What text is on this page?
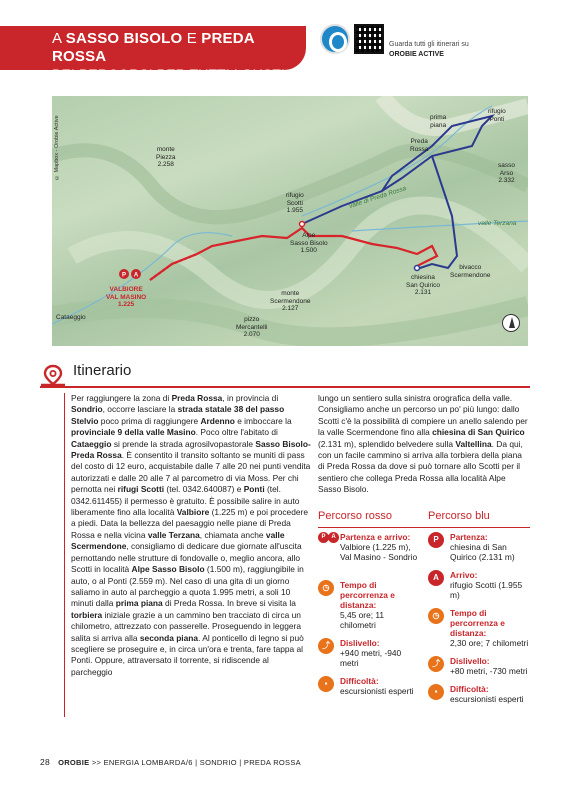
A SASSO BISOLO E PREDA ROSSA
BEI PERCORSI PER TUTTI I GUSTI
Guarda tutti gli itinerari su
OROBIE ACTIVE
P A
© Mapbox - Orobie Active	prima
piana
rifugio
Ponti
Preda
Rossa
monte
Piezza
2.258	sasso
Arso
2.332
rifugio
Scotti
1.955
valle di Preda Rossa
valle Terzana
Alpe
Sasso Bisolo
1.500
bivacco
Scermendone
chiesina
San Quirico
2.131
VALBIORE
VAL MASINO
1.225
monte
Scermendone
2.127
pizzo
Mercantelli
2.070
Cataeggio
Itinerario
Per raggiungere la zona di Preda Rossa, in provincia di Sondrio, occorre lasciare la strada statale 38 del passo Stelvio poco prima di raggiungere Ardenno e imboccare la provinciale 9 della valle Masino. Poco oltre l'abitato di Cataeggio si prende la strada agrosilvopastorale Sasso Bisolo-Preda Rossa. È consentito il transito soltanto se muniti di pass del costo di 12 euro, acquistabile dalle 7 alle 20 nei punti vendita autorizzati e dalle 20 alle 7 al parcometro di via Moss. Per chi pernotta nei rifugi Scotti (tel. 0342.640087) e Ponti (tel. 0342.611455) il permesso è gratuito. È possibile salire in auto liberamente fino alla località Valbiore (1.225 m) e poi procedere a piedi. Data la bellezza del paesaggio nelle piane di Preda Rossa e nella vicina valle Terzana, chiamata anche valle Scermendone, consigliamo di dedicare due giornate all'uscita pernottando nelle strutture di fondovalle o, meglio ancora, allo Scotti in località Alpe Sasso Bisolo (1.500 m), raggiungibile in auto, o al Ponti (2.559 m). Nel caso di una gita di un giorno saliamo in auto al parcheggio a quota 1.995 metri, a soli 10 minuti dalla prima piana di Preda Rossa. In breve si visita la torbiera iniziale grazie a un cammino ben tracciato di circa un chilometro, attrezzato con passerelle. Proseguendo in leggera salita si arriva alla seconda piana. Al ponticello di legno si può scegliere se proseguire e, in circa un'ora e trenta, fare tappa al Ponti. Oppure, attraversato il torrente, si ridiscende al parcheggio
lungo un sentiero sulla sinistra orografica della valle. Consigliamo anche un percorso un po' più lungo: dallo Scotti c'è la possibilità di compiere un anello salendo per la valle Scermendone fino alla chiesina di San Quirico (2.131 m), splendido belvedere sulla Valtellina. Da qui, con un facile cammino si arriva alla torbiera della piana di Preda Rossa da dove si può tornare allo Scotti per il sentiero che collega Preda Rossa alla località Alpe Sasso Bisolo.
Percorso rosso	Percorso blu
P A Partenza e arrivo:
Valbiore (1.225 m), Val Masino - Sondrio
◷	Tempo di percorrenza e distanza:
5,45 ore; 11 chilometri
⤴	Dislivello:
+940 metri, -940 metri
▪	Difficoltà:
escursionisti esperti
P	Partenza:
chiesina di San Quirico (2.131 m)
A	Arrivo:
rifugio Scotti (1.955 m)
◷	Tempo di percorrenza e distanza:
2,30 ore; 7 chilometri
⤴	Dislivello:
+80 metri, -730 metri
▪	Difficoltà:
escursionisti esperti
28 OROBIE >> ENERGIA LOMBARDA/6 | SONDRIO | PREDA ROSSA
